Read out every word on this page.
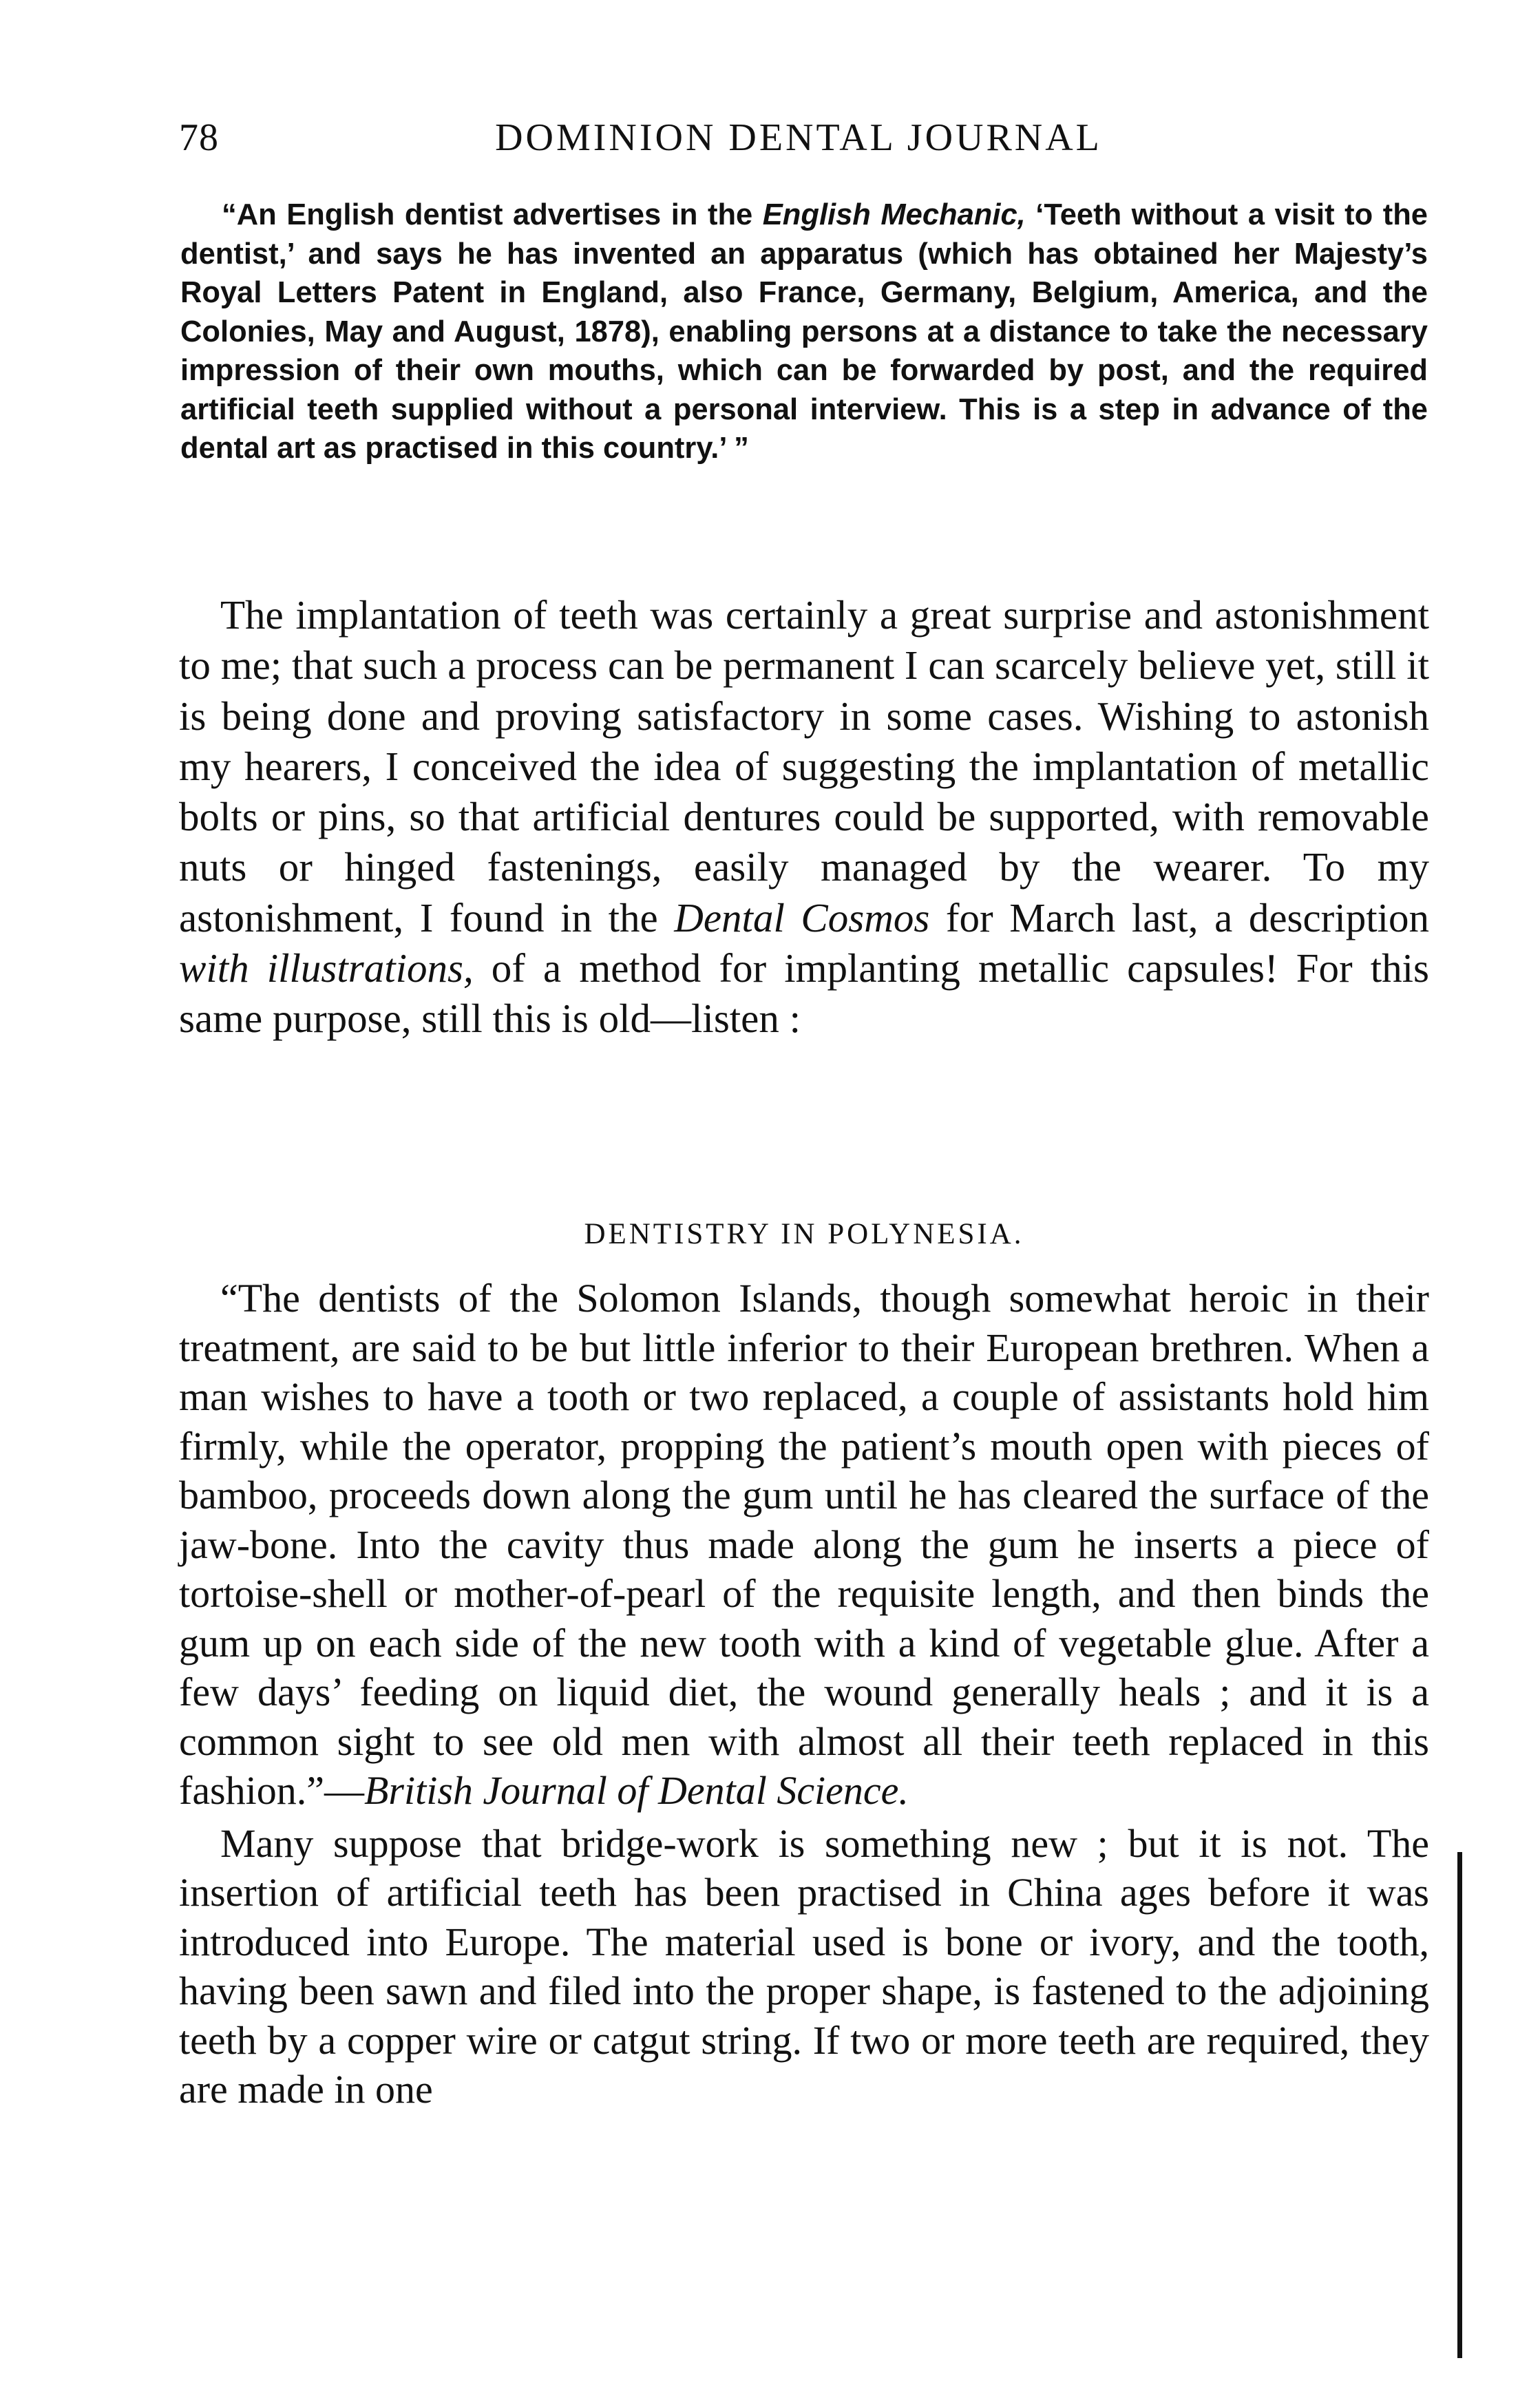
78	DOMINION DENTAL JOURNAL

“An English dentist advertises in the English Mechanic, ‘Teeth without a visit to the dentist,’ and says he has invented an apparatus (which has obtained her Majesty’s Royal Letters Patent in England, also France, Germany, Belgium, America, and the Colonies, May and August, 1878), enabling persons at a distance to take the necessary impression of their own mouths, which can be forwarded by post, and the required artificial teeth supplied without a personal interview. This is a step in advance of the dental art as practised in this country.’ ”

The implantation of teeth was certainly a great surprise and astonishment to me; that such a process can be permanent I can scarcely believe yet, still it is being done and proving satisfactory in some cases. Wishing to astonish my hearers, I conceived the idea of suggesting the implantation of metallic bolts or pins, so that artificial dentures could be supported, with removable nuts or hinged fastenings, easily managed by the wearer. To my astonishment, I found in the Dental Cosmos for March last, a description with illustrations, of a method for implanting metallic capsules! For this same purpose, still this is old—listen :

DENTISTRY IN POLYNESIA.

“The dentists of the Solomon Islands, though somewhat heroic in their treatment, are said to be but little inferior to their European brethren. When a man wishes to have a tooth or two replaced, a couple of assistants hold him firmly, while the operator, propping the patient’s mouth open with pieces of bamboo, proceeds down along the gum until he has cleared the surface of the jaw-bone. Into the cavity thus made along the gum he inserts a piece of tortoise-shell or mother-of-pearl of the requisite length, and then binds the gum up on each side of the new tooth with a kind of vegetable glue. After a few days’ feeding on liquid diet, the wound generally heals ; and it is a common sight to see old men with almost all their teeth replaced in this fashion.”—British Journal of Dental Science.

Many suppose that bridge-work is something new ; but it is not. The insertion of artificial teeth has been practised in China ages before it was introduced into Europe. The material used is bone or ivory, and the tooth, having been sawn and filed into the proper shape, is fastened to the adjoining teeth by a copper wire or catgut string. If two or more teeth are required, they are made in one
